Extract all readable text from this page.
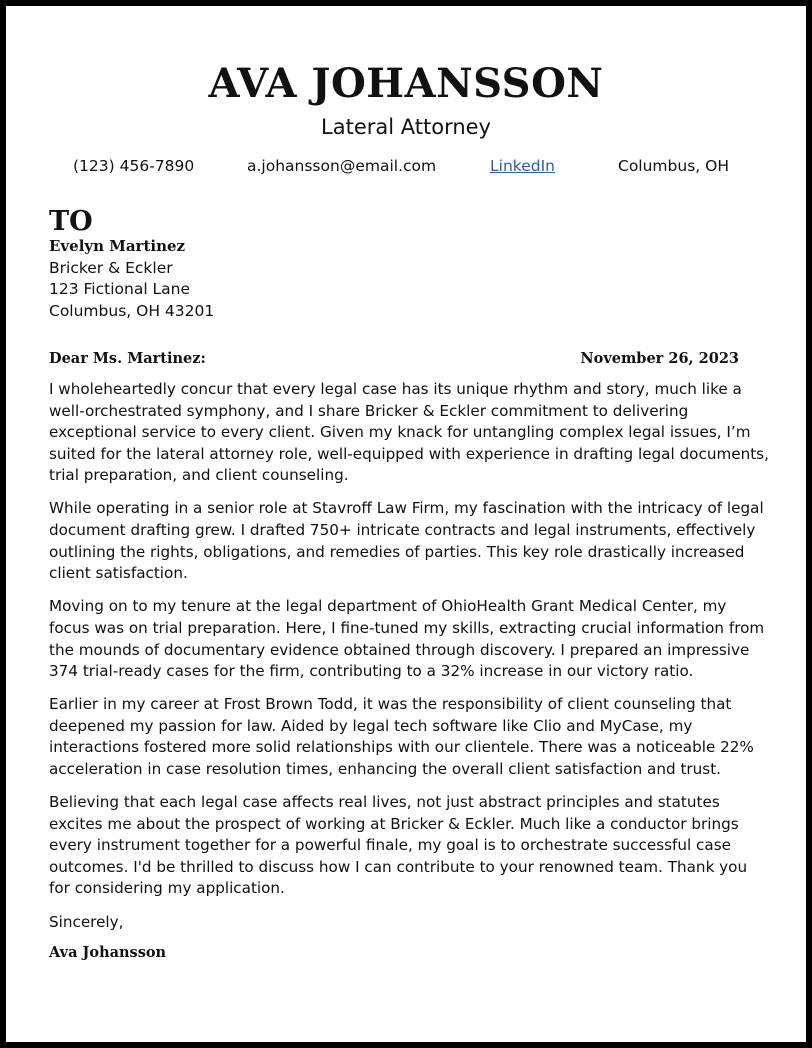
AVA JOHANSSON
Lateral Attorney
(123) 456-7890	a.johansson@email.com	LinkedIn	Columbus, OH
TO
Evelyn Martinez
Bricker & Eckler
123 Fictional Lane
Columbus, OH 43201
Dear Ms. Martinez:	November 26, 2023

I wholeheartedly concur that every legal case has its unique rhythm and story, much like a well-orchestrated symphony, and I share Bricker & Eckler commitment to delivering exceptional service to every client. Given my knack for untangling complex legal issues, I’m suited for the lateral attorney role, well-equipped with experience in drafting legal documents, trial preparation, and client counseling.

While operating in a senior role at Stavroff Law Firm, my fascination with the intricacy of legal document drafting grew. I drafted 750+ intricate contracts and legal instruments, effectively outlining the rights, obligations, and remedies of parties. This key role drastically increased client satisfaction.

Moving on to my tenure at the legal department of OhioHealth Grant Medical Center, my focus was on trial preparation. Here, I fine-tuned my skills, extracting crucial information from the mounds of documentary evidence obtained through discovery. I prepared an impressive 374 trial-ready cases for the firm, contributing to a 32% increase in our victory ratio.

Earlier in my career at Frost Brown Todd, it was the responsibility of client counseling that deepened my passion for law. Aided by legal tech software like Clio and MyCase, my interactions fostered more solid relationships with our clientele. There was a noticeable 22% acceleration in case resolution times, enhancing the overall client satisfaction and trust.

Believing that each legal case affects real lives, not just abstract principles and statutes excites me about the prospect of working at Bricker & Eckler. Much like a conductor brings every instrument together for a powerful finale, my goal is to orchestrate successful case outcomes. I'd be thrilled to discuss how I can contribute to your renowned team. Thank you for considering my application.

Sincerely,

Ava Johansson
